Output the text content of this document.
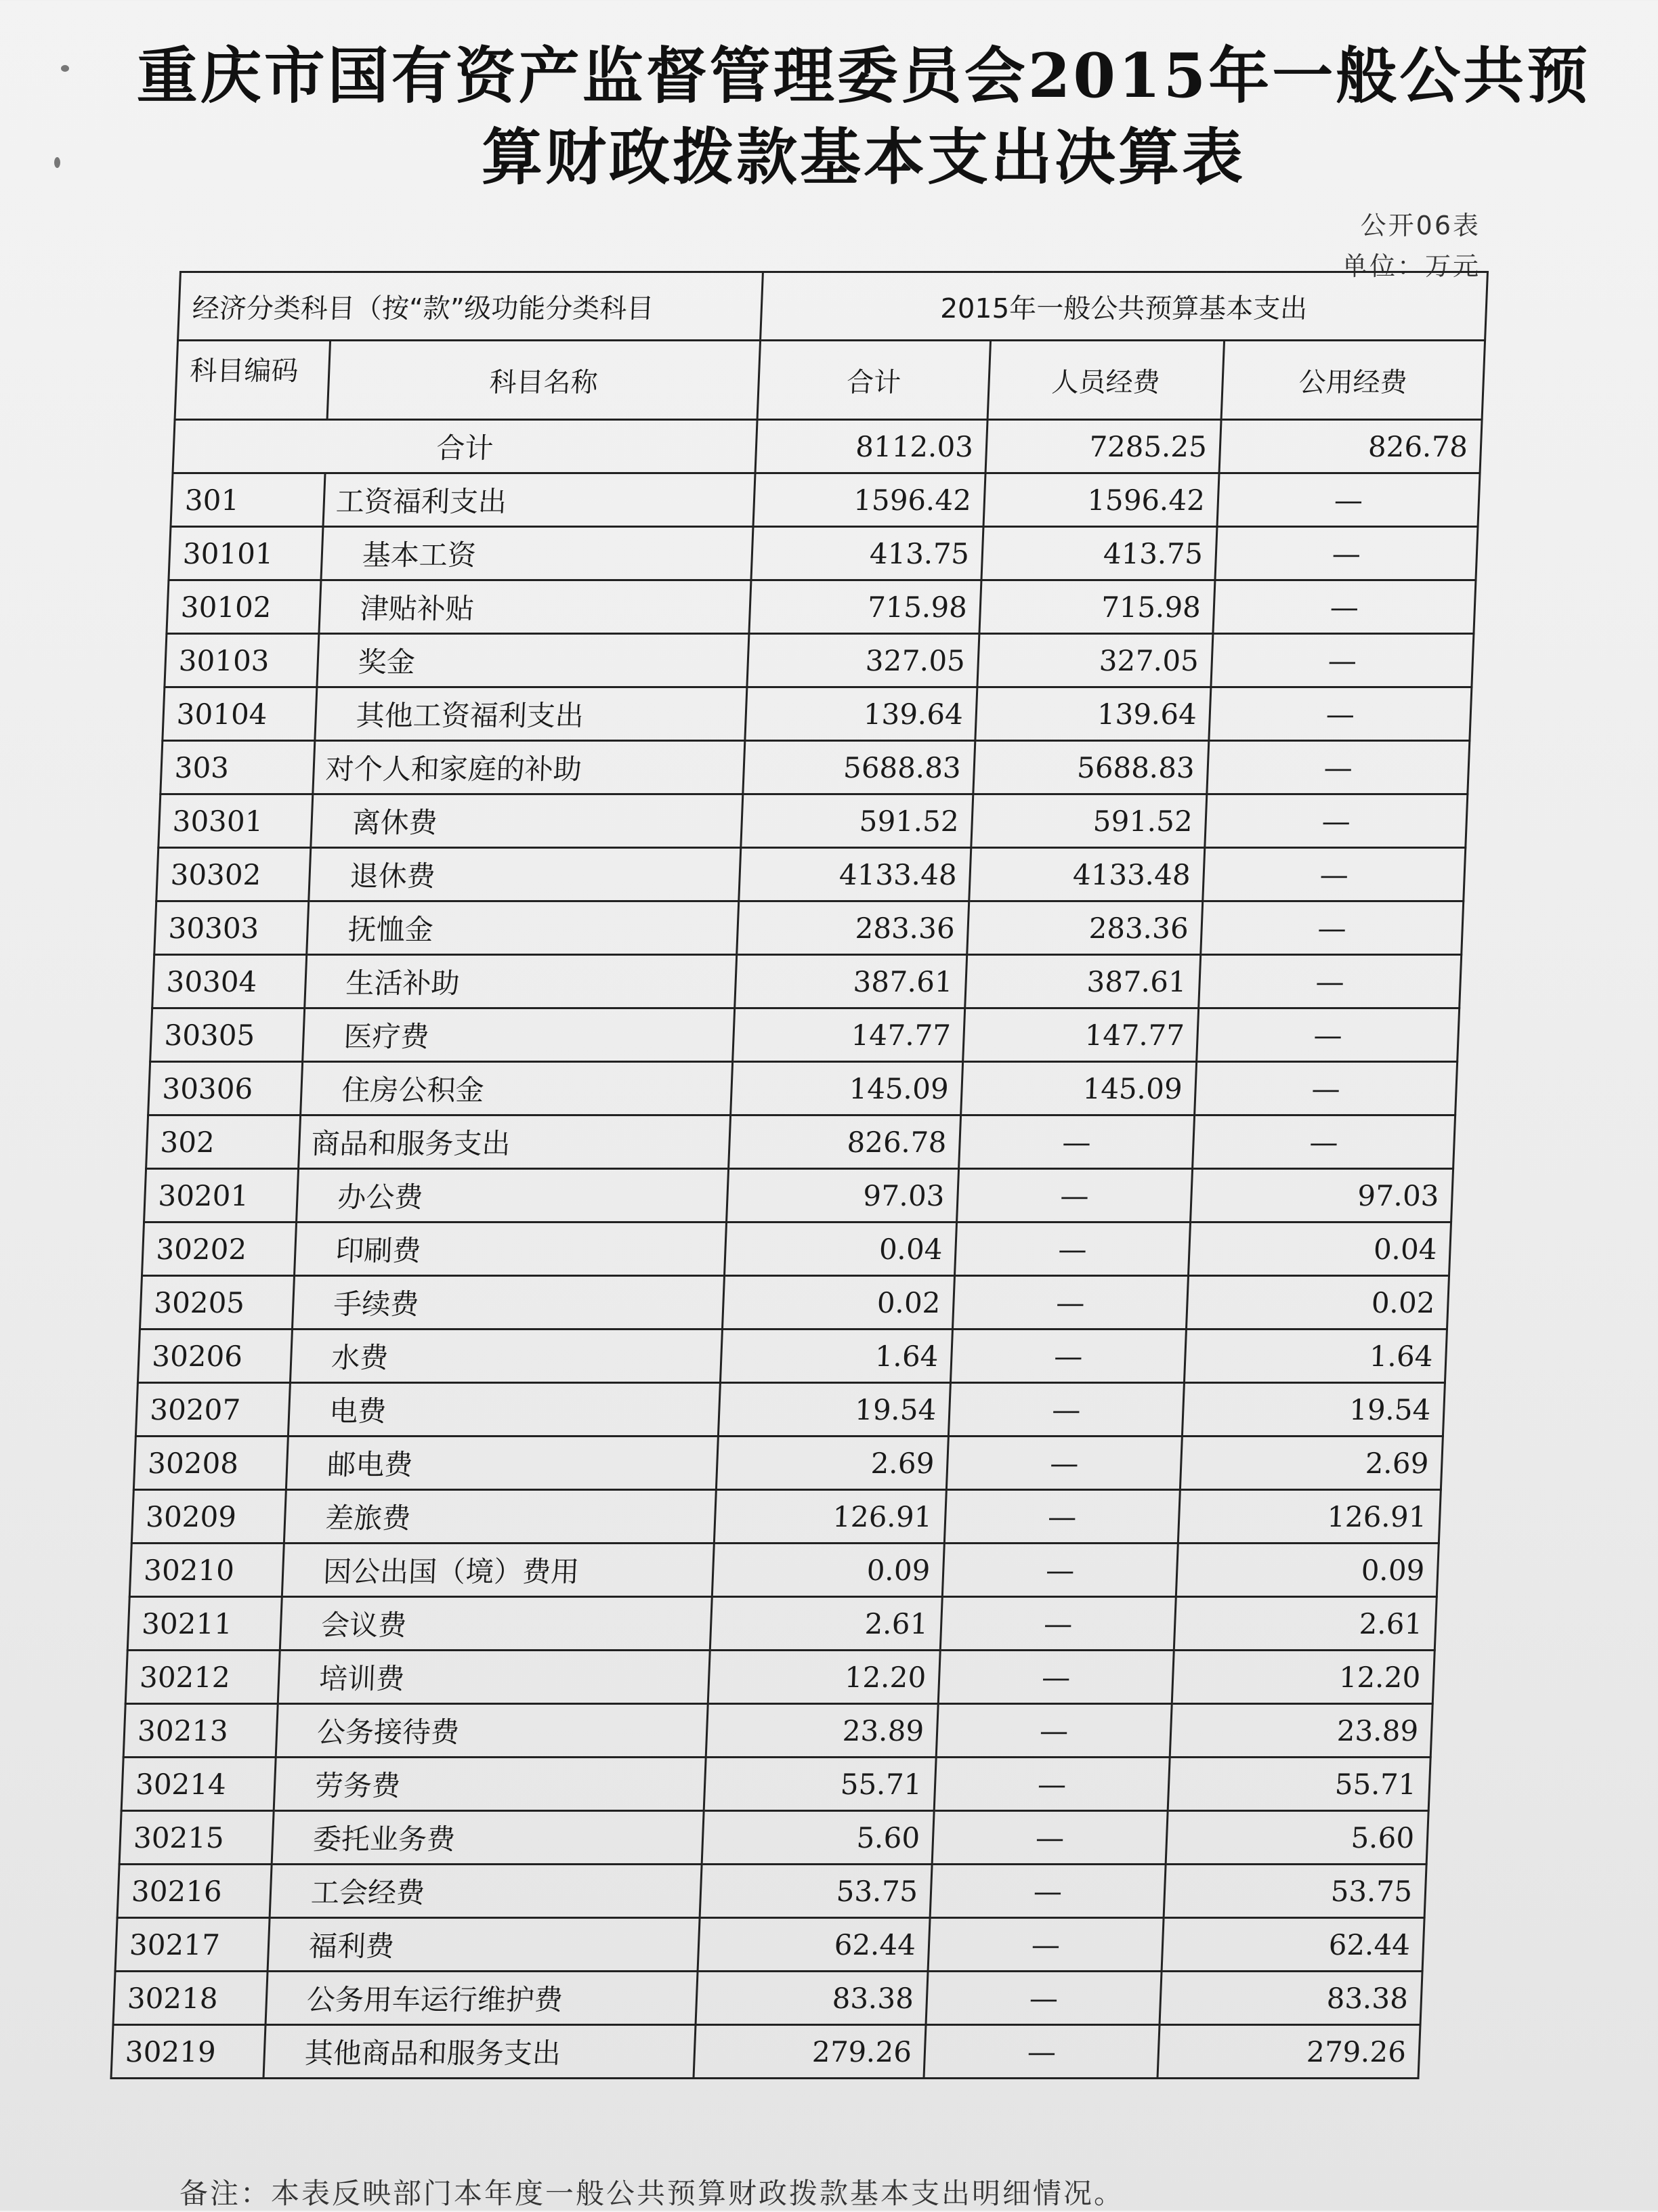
重庆市国有资产监督管理委员会2015年一般公共预
算财政拨款基本支出决算表
公开06表
单位：万元
经济分类科目（按“款”级功能分类科目		2015年一般公共预算基本支出		
科目编码	科目名称	合计	人员经费	公用经费
合计		8112.03	7285.25	826.78
301	工资福利支出	1596.42	1596.42	—
30101	基本工资	413.75	413.75	—
30102	津贴补贴	715.98	715.98	—
30103	奖金	327.05	327.05	—
30104	其他工资福利支出	139.64	139.64	—
303	对个人和家庭的补助	5688.83	5688.83	—
30301	离休费	591.52	591.52	—
30302	退休费	4133.48	4133.48	—
30303	抚恤金	283.36	283.36	—
30304	生活补助	387.61	387.61	—
30305	医疗费	147.77	147.77	—
30306	住房公积金	145.09	145.09	—
302	商品和服务支出	826.78	—	—
30201	办公费	97.03	—	97.03
30202	印刷费	0.04	—	0.04
30205	手续费	0.02	—	0.02
30206	水费	1.64	—	1.64
30207	电费	19.54	—	19.54
30208	邮电费	2.69	—	2.69
30209	差旅费	126.91	—	126.91
30210	因公出国（境）费用	0.09	—	0.09
30211	会议费	2.61	—	2.61
30212	培训费	12.20	—	12.20
30213	公务接待费	23.89	—	23.89
30214	劳务费	55.71	—	55.71
30215	委托业务费	5.60	—	5.60
30216	工会经费	53.75	—	53.75
30217	福利费	62.44	—	62.44
30218	公务用车运行维护费	83.38	—	83.38
30219	其他商品和服务支出	279.26	—	279.26
备注：本表反映部门本年度一般公共预算财政拨款基本支出明细情况。
